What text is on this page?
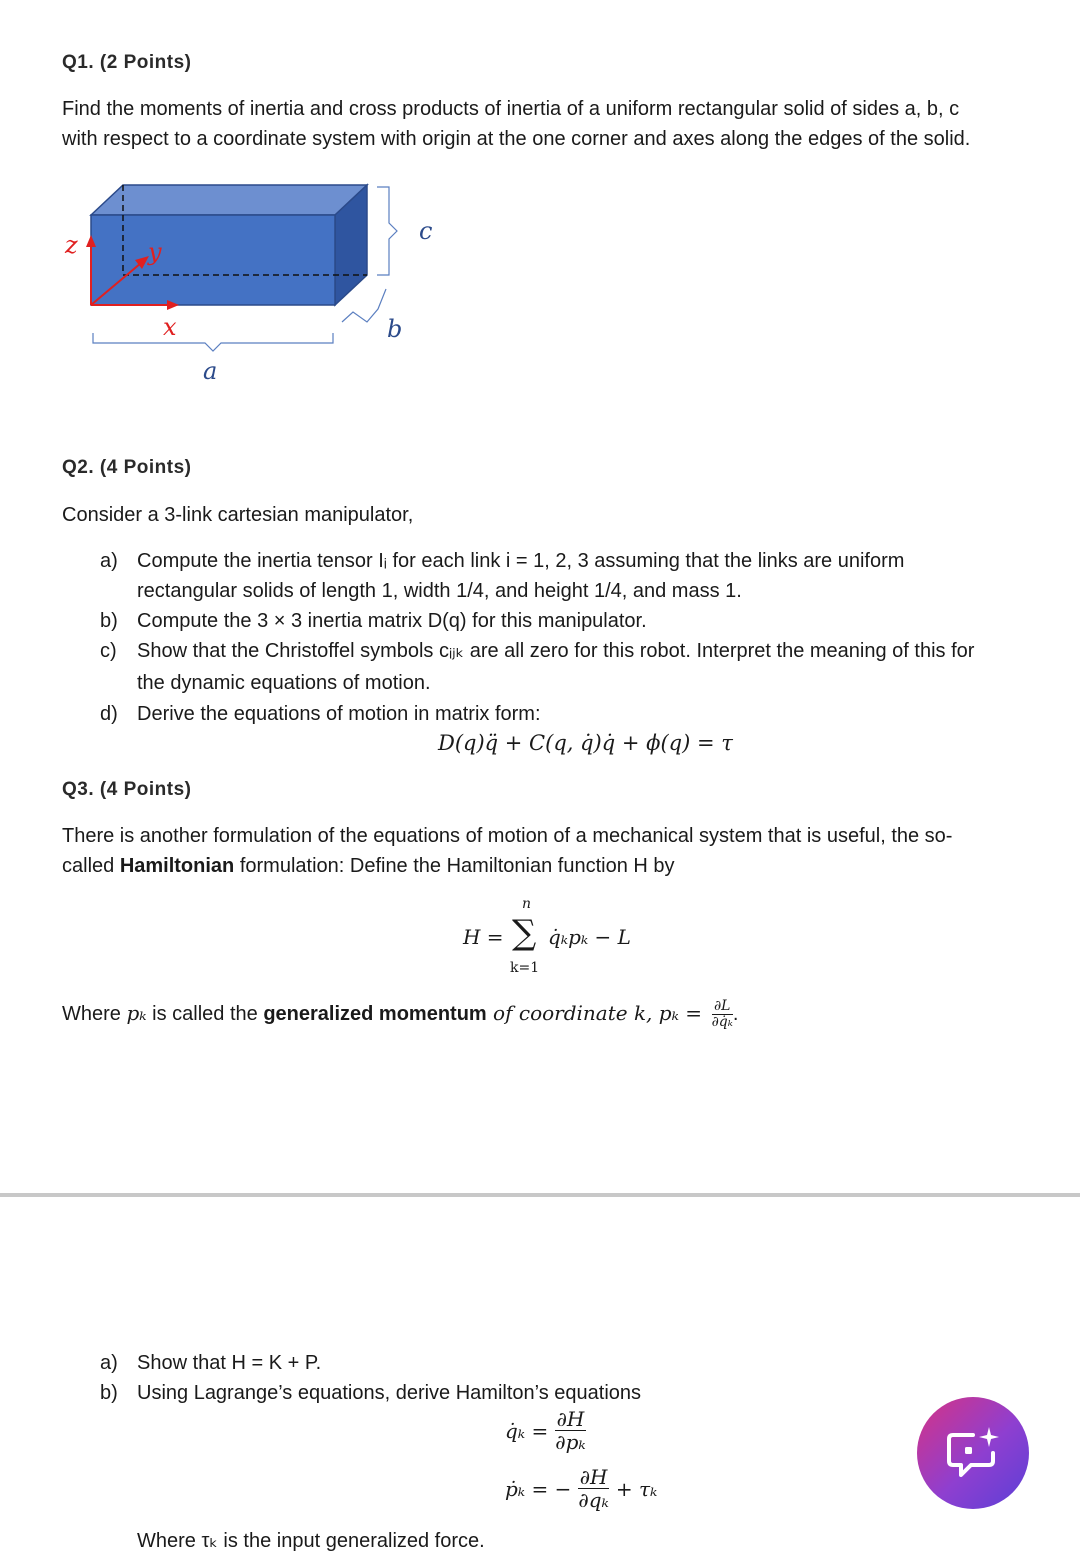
Q1. (2 Points)
Find the moments of inertia and cross products of inertia of a uniform rectangular solid of sides a, b, c
with respect to a coordinate system with origin at the one corner and axes along the edges of the solid.
z	y
x
a
b
c
Q2. (4 Points)
Consider a 3-link cartesian manipulator,
a) Compute the inertia tensor Iᵢ for each link i = 1, 2, 3 assuming that the links are uniform
rectangular solids of length 1, width 1/4, and height 1/4, and mass 1.
b) Compute the 3 × 3 inertia matrix D(q) for this manipulator.
c)	Show that the Christoffel symbols cᵢⱼₖ are all zero for this robot. Interpret the meaning of this for
the dynamic equations of motion.
d) Derive the equations of motion in matrix form:
D(q)q̈ + C(q, q̇)q̇ + ϕ(q) = τ
Q3. (4 Points)
There is another formulation of the equations of motion of a mechanical system that is useful, the so-
called Hamiltonian formulation: Define the Hamiltonian function H by
H =
n
∑
k=1
q̇ₖpₖ − L
Where pₖ is called the generalized momentum of coordinate k, $p_k = \frac{\partial L}{\text{∂q̇ₖ}}$ .
a) Show that H = K + P.
b) Using Lagrange’s equations, derive Hamilton’s equations
q̇ₖ = $\frac{\partial H}{\text{∂pₖ}}$
ṗₖ = − $\frac{\partial H}{\text{∂qₖ}} + \tau_k$
Where τₖ is the input generalized force.
